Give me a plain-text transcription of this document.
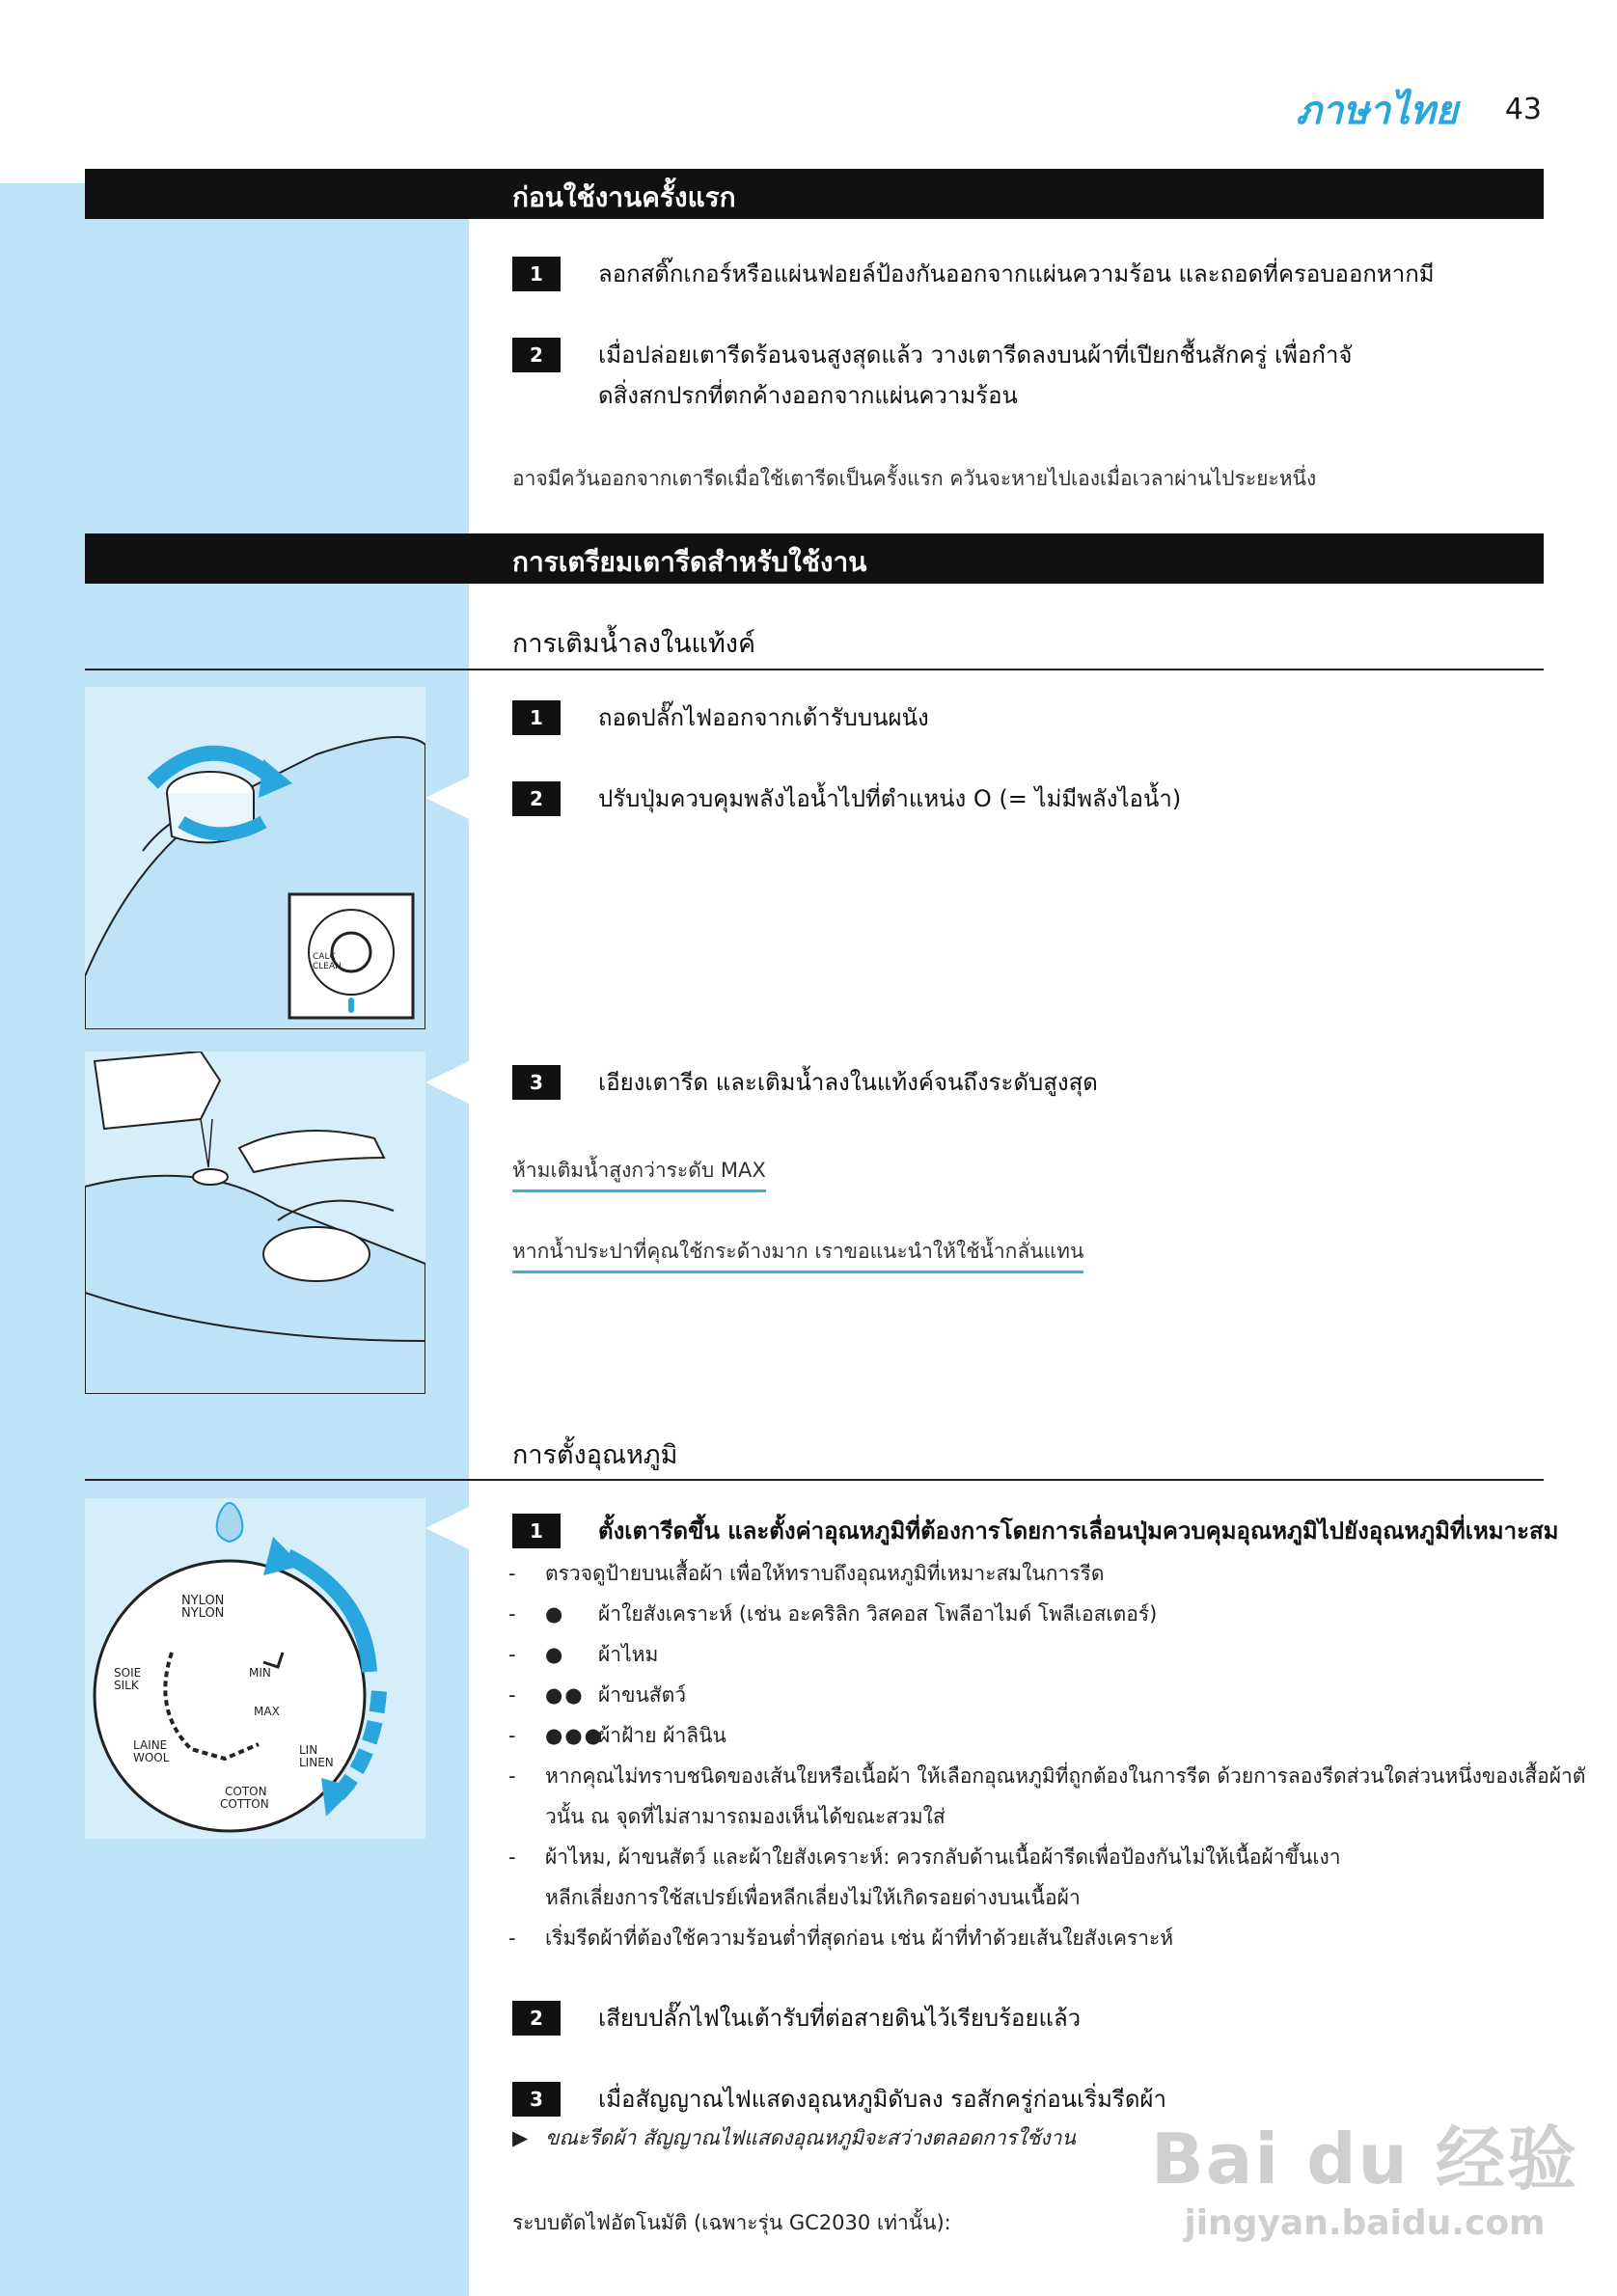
ภาษาไทย 43
ก่อนใช้งานครั้งแรก
1	ลอกสติ๊กเกอร์หรือแผ่นฟอยล์ป้องกันออกจากแผ่นความร้อน และถอดที่ครอบออกหากมี
2	เมื่อปล่อยเตารีดร้อนจนสูงสุดแล้ว วางเตารีดลงบนผ้าที่เปียกชื้นสักครู่ เพื่อกำจั
ดสิ่งสกปรกที่ตกค้างออกจากแผ่นความร้อน
อาจมีควันออกจากเตารีดเมื่อใช้เตารีดเป็นครั้งแรก ควันจะหายไปเองเมื่อเวลาผ่านไประยะหนึ่ง
การเตรียมเตารีดสำหรับใช้งาน
การเติมน้ำลงในแท้งค์
CALC
CLEAN
1	ถอดปลั๊กไฟออกจากเต้ารับบนผนัง
2	ปรับปุ่มควบคุมพลังไอน้ำไปที่ตำแหน่ง O (= ไม่มีพลังไอน้ำ)
3	เอียงเตารีด และเติมน้ำลงในแท้งค์จนถึงระดับสูงสุด
ห้ามเติมน้ำสูงกว่าระดับ MAX
หากน้ำประปาที่คุณใช้กระด้างมาก เราขอแนะนำให้ใช้น้ำกลั่นแทน
การตั้งอุณหภูมิ
NYLON
NYLON
SOIE
SILK
LAINE
WOOL
COTON
COTTON
LIN
LINEN
MAX
MIN
1	ตั้งเตารีดขึ้น และตั้งค่าอุณหภูมิที่ต้องการโดยการเลื่อนปุ่มควบคุมอุณหภูมิไปยังอุณหภูมิที่เหมาะสม
- ตรวจดูป้ายบนเสื้อผ้า เพื่อให้ทราบถึงอุณหภูมิที่เหมาะสมในการรีด
- ● ผ้าใยสังเคราะห์ (เช่น อะคริลิก วิสคอส โพลีอาไมด์ โพลีเอสเตอร์)
- ● ผ้าไหม
- ●● ผ้าขนสัตว์
- ●●●ผ้าฝ้าย ผ้าลินิน
- หากคุณไม่ทราบชนิดของเส้นใยหรือเนื้อผ้า ให้เลือกอุณหภูมิที่ถูกต้องในการรีด ด้วยการลองรีดส่วนใดส่วนหนึ่งของเสื้อผ้าตั
วนั้น ณ จุดที่ไม่สามารถมองเห็นได้ขณะสวมใส่
- ผ้าไหม, ผ้าขนสัตว์ และผ้าใยสังเคราะห์: ควรกลับด้านเนื้อผ้ารีดเพื่อป้องกันไม่ให้เนื้อผ้าขึ้นเงา
หลีกเลี่ยงการใช้สเปรย์เพื่อหลีกเลี่ยงไม่ให้เกิดรอยด่างบนเนื้อผ้า
- เริ่มรีดผ้าที่ต้องใช้ความร้อนต่ำที่สุดก่อน เช่น ผ้าที่ทำด้วยเส้นใยสังเคราะห์
2	เสียบปลั๊กไฟในเต้ารับที่ต่อสายดินไว้เรียบร้อยแล้ว
3	เมื่อสัญญาณไฟแสดงอุณหภูมิดับลง รอสักครู่ก่อนเริ่มรีดผ้า
▶ ขณะรีดผ้า สัญญาณไฟแสดงอุณหภูมิจะสว่างตลอดการใช้งาน
ระบบตัดไฟอัตโนมัติ (เฉพาะรุ่น GC2030 เท่านั้น):
Bai du 经验
jingyan.baidu.com
